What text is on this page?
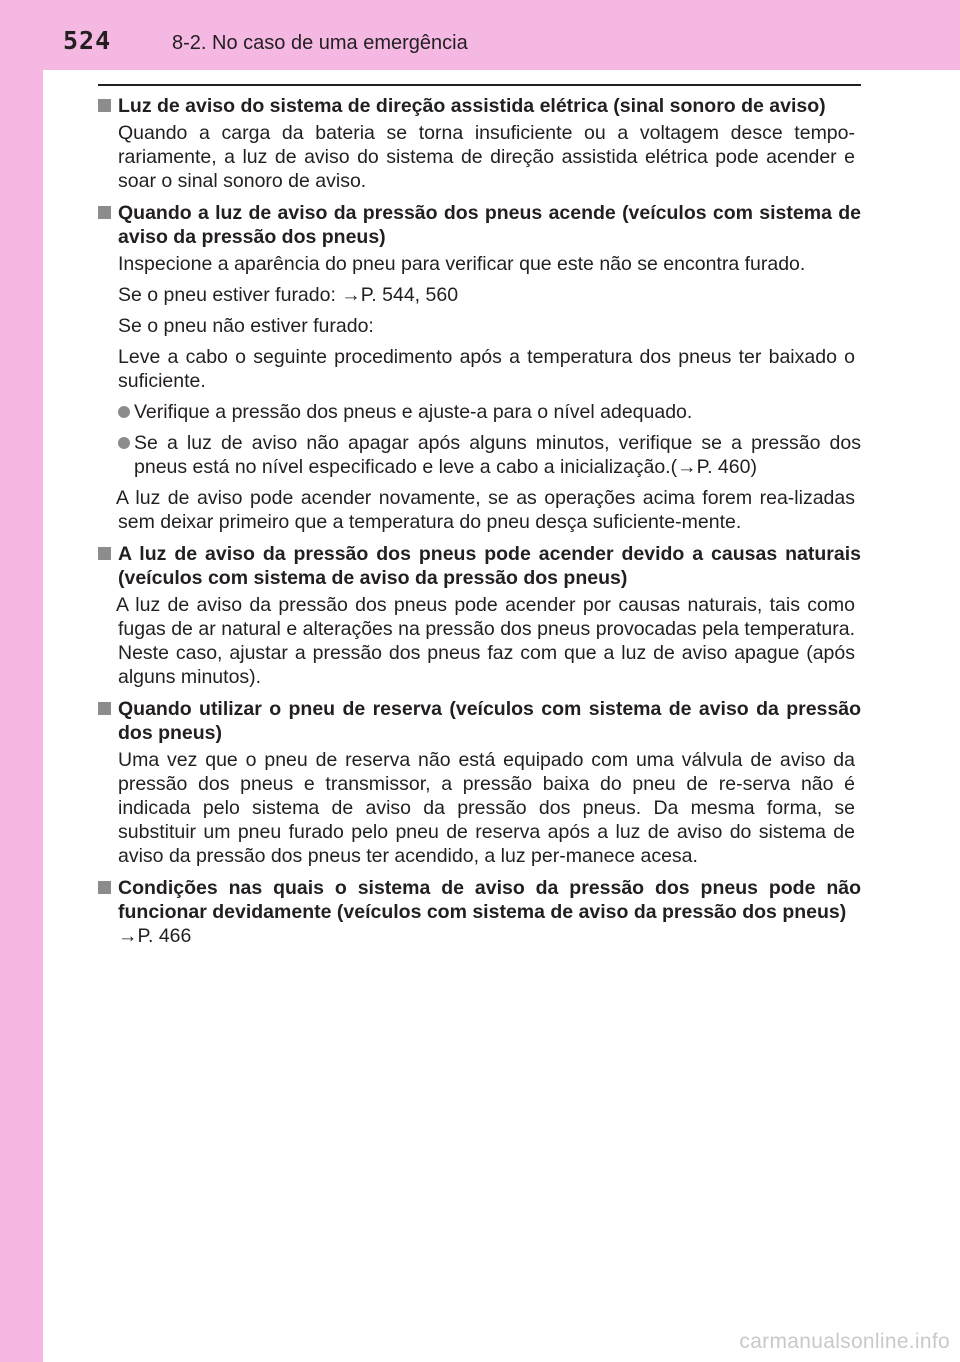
524	8-2. No caso de uma emergência
Luz de aviso do sistema de direção assistida elétrica (sinal sonoro de aviso)
Quando a carga da bateria se torna insuficiente ou a voltagem desce tempo-rariamente, a luz de aviso do sistema de direção assistida elétrica pode acender e soar o sinal sonoro de aviso.
Quando a luz de aviso da pressão dos pneus acende (veículos com sistema de aviso da pressão dos pneus)
Inspecione a aparência do pneu para verificar que este não se encontra furado.
Se o pneu estiver furado: →P. 544, 560
Se o pneu não estiver furado:
Leve a cabo o seguinte procedimento após a temperatura dos pneus ter baixado o suficiente.
Verifique a pressão dos pneus e ajuste-a para o nível adequado.
Se a luz de aviso não apagar após alguns minutos, verifique se a pressão dos pneus está no nível especificado e leve a cabo a inicialização.(→P. 460)
A luz de aviso pode acender novamente, se as operações acima forem rea-lizadas sem deixar primeiro que a temperatura do pneu desça suficiente-mente.
A luz de aviso da pressão dos pneus pode acender devido a causas naturais (veículos com sistema de aviso da pressão dos pneus)
A luz de aviso da pressão dos pneus pode acender por causas naturais, tais como fugas de ar natural e alterações na pressão dos pneus provocadas pela temperatura. Neste caso, ajustar a pressão dos pneus faz com que a luz de aviso apague (após alguns minutos).
Quando utilizar o pneu de reserva (veículos com sistema de aviso da pressão dos pneus)
Uma vez que o pneu de reserva não está equipado com uma válvula de aviso da pressão dos pneus e transmissor, a pressão baixa do pneu de re-serva não é indicada pelo sistema de aviso da pressão dos pneus. Da mesma forma, se substituir um pneu furado pelo pneu de reserva após a luz de aviso do sistema de aviso da pressão dos pneus ter acendido, a luz per-manece acesa.
Condições nas quais o sistema de aviso da pressão dos pneus pode não funcionar devidamente (veículos com sistema de aviso da pressão dos pneus)
→P. 466
carmanualsonline.info
